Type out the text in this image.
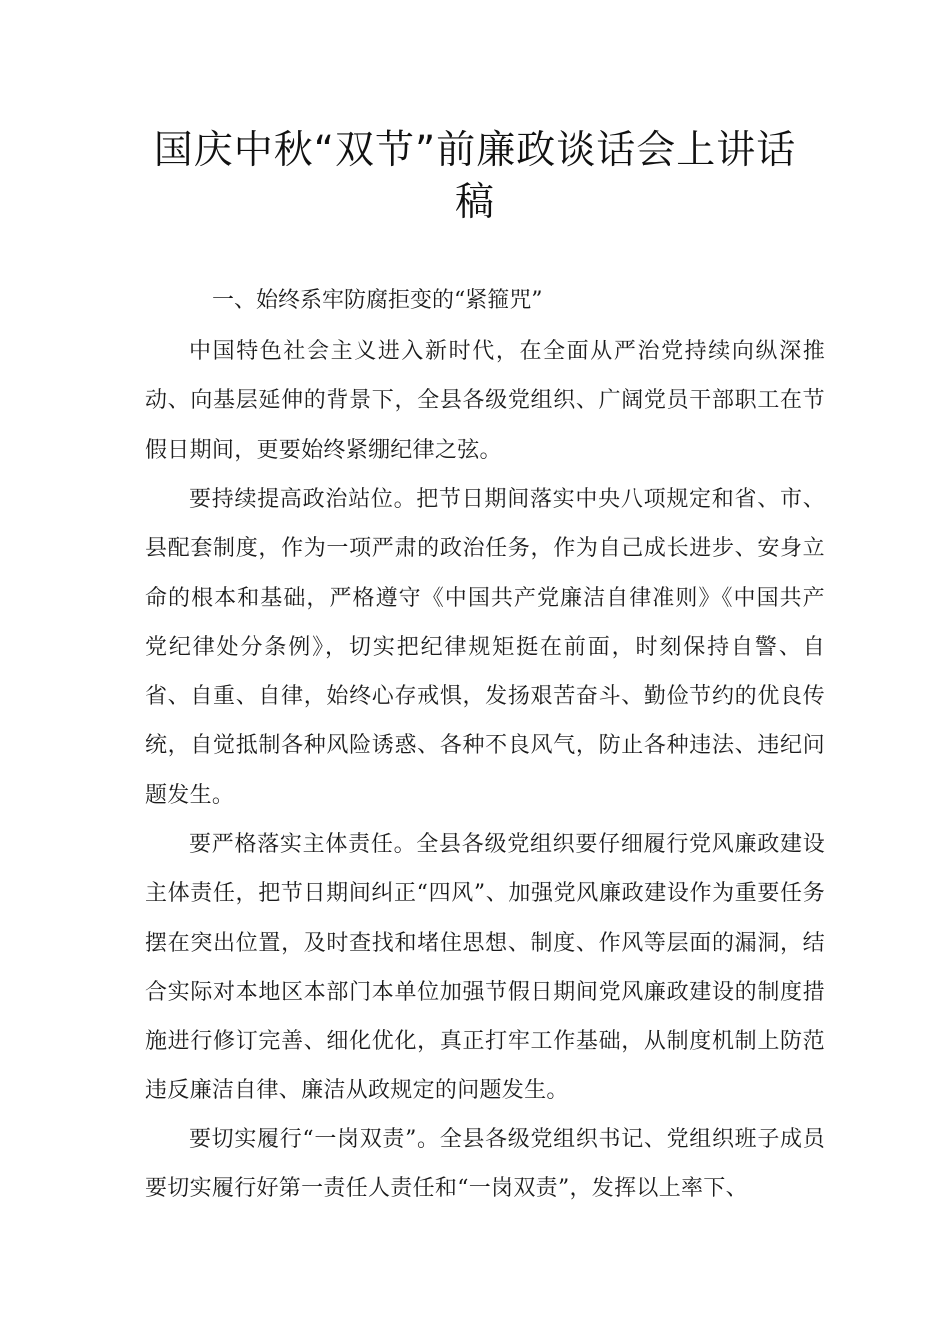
国庆中秋“双节”前廉政谈话会上讲话稿

一、始终系牢防腐拒变的“紧箍咒”

中国特色社会主义进入新时代，在全面从严治党持续向纵深推动、向基层延伸的背景下，全县各级党组织、广阔党员干部职工在节假日期间，更要始终紧绷纪律之弦。

要持续提高政治站位。把节日期间落实中央八项规定和省、市、县配套制度，作为一项严肃的政治任务，作为自己成长进步、安身立命的根本和基础，严格遵守《中国共产党廉洁自律准则》《中国共产党纪律处分条例》，切实把纪律规矩挺在前面，时刻保持自警、自省、自重、自律，始终心存戒惧，发扬艰苦奋斗、勤俭节约的优良传统，自觉抵制各种风险诱惑、各种不良风气，防止各种违法、违纪问题发生。

要严格落实主体责任。全县各级党组织要仔细履行党风廉政建设主体责任，把节日期间纠正“四风”、加强党风廉政建设作为重要任务摆在突出位置，及时查找和堵住思想、制度、作风等层面的漏洞，结合实际对本地区本部门本单位加强节假日期间党风廉政建设的制度措施进行修订完善、细化优化，真正打牢工作基础，从制度机制上防范违反廉洁自律、廉洁从政规定的问题发生。

要切实履行“一岗双责”。全县各级党组织书记、党组织班子成员要切实履行好第一责任人责任和“一岗双责”，发挥以上率下、
